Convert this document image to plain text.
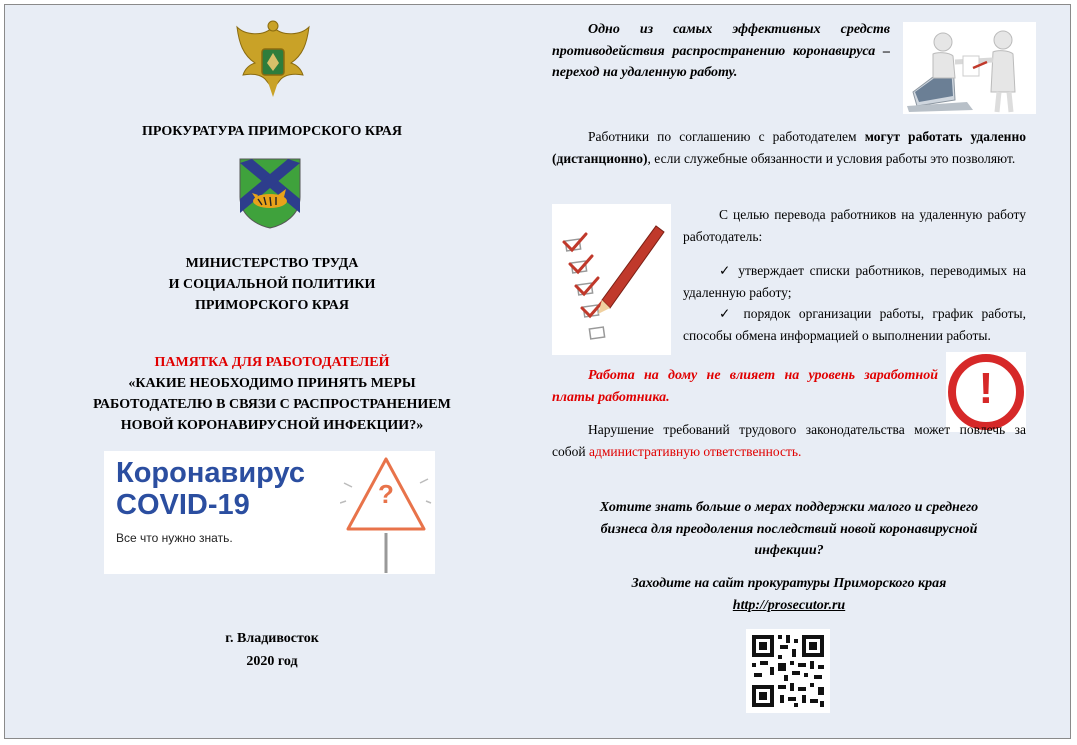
ПРОКУРАТУРА ПРИМОРСКОГО КРАЯ
МИНИСТЕРСТВО ТРУДА
И СОЦИАЛЬНОЙ ПОЛИТИКИ
ПРИМОРСКОГО КРАЯ
ПАМЯТКА ДЛЯ РАБОТОДАТЕЛЕЙ
«КАКИЕ НЕОБХОДИМО ПРИНЯТЬ МЕРЫ
РАБОТОДАТЕЛЮ В СВЯЗИ С РАСПРОСТРАНЕНИЕМ
НОВОЙ КОРОНАВИРУСНОЙ ИНФЕКЦИИ?»
Коронавирус
COVID-19
Все что нужно знать.
?
г. Владивосток
2020 год
Одно из самых эффективных средств противодействия распространению коронавируса – переход на удаленную работу.
Работники по соглашению с работодателем могут работать удаленно (дистанционно), если служебные обязанности и условия работы это позволяют.
С целью перевода работников на удаленную работу работодатель:
✓ утверждает списки работников, переводимых на удаленную работу;
✓ порядок организации работы, график работы, способы обмена информацией о выполнении работы.
Работа на дому не влияет на уровень заработной платы работника.	!
Нарушение требований трудового законодательства может повлечь за собой административную ответственность.
Хотите знать больше о мерах поддержки малого и среднего
бизнеса для преодоления последствий новой коронавирусной
инфекции?
Заходите на сайт прокуратуры Приморского края
http://prosecutor.ru
